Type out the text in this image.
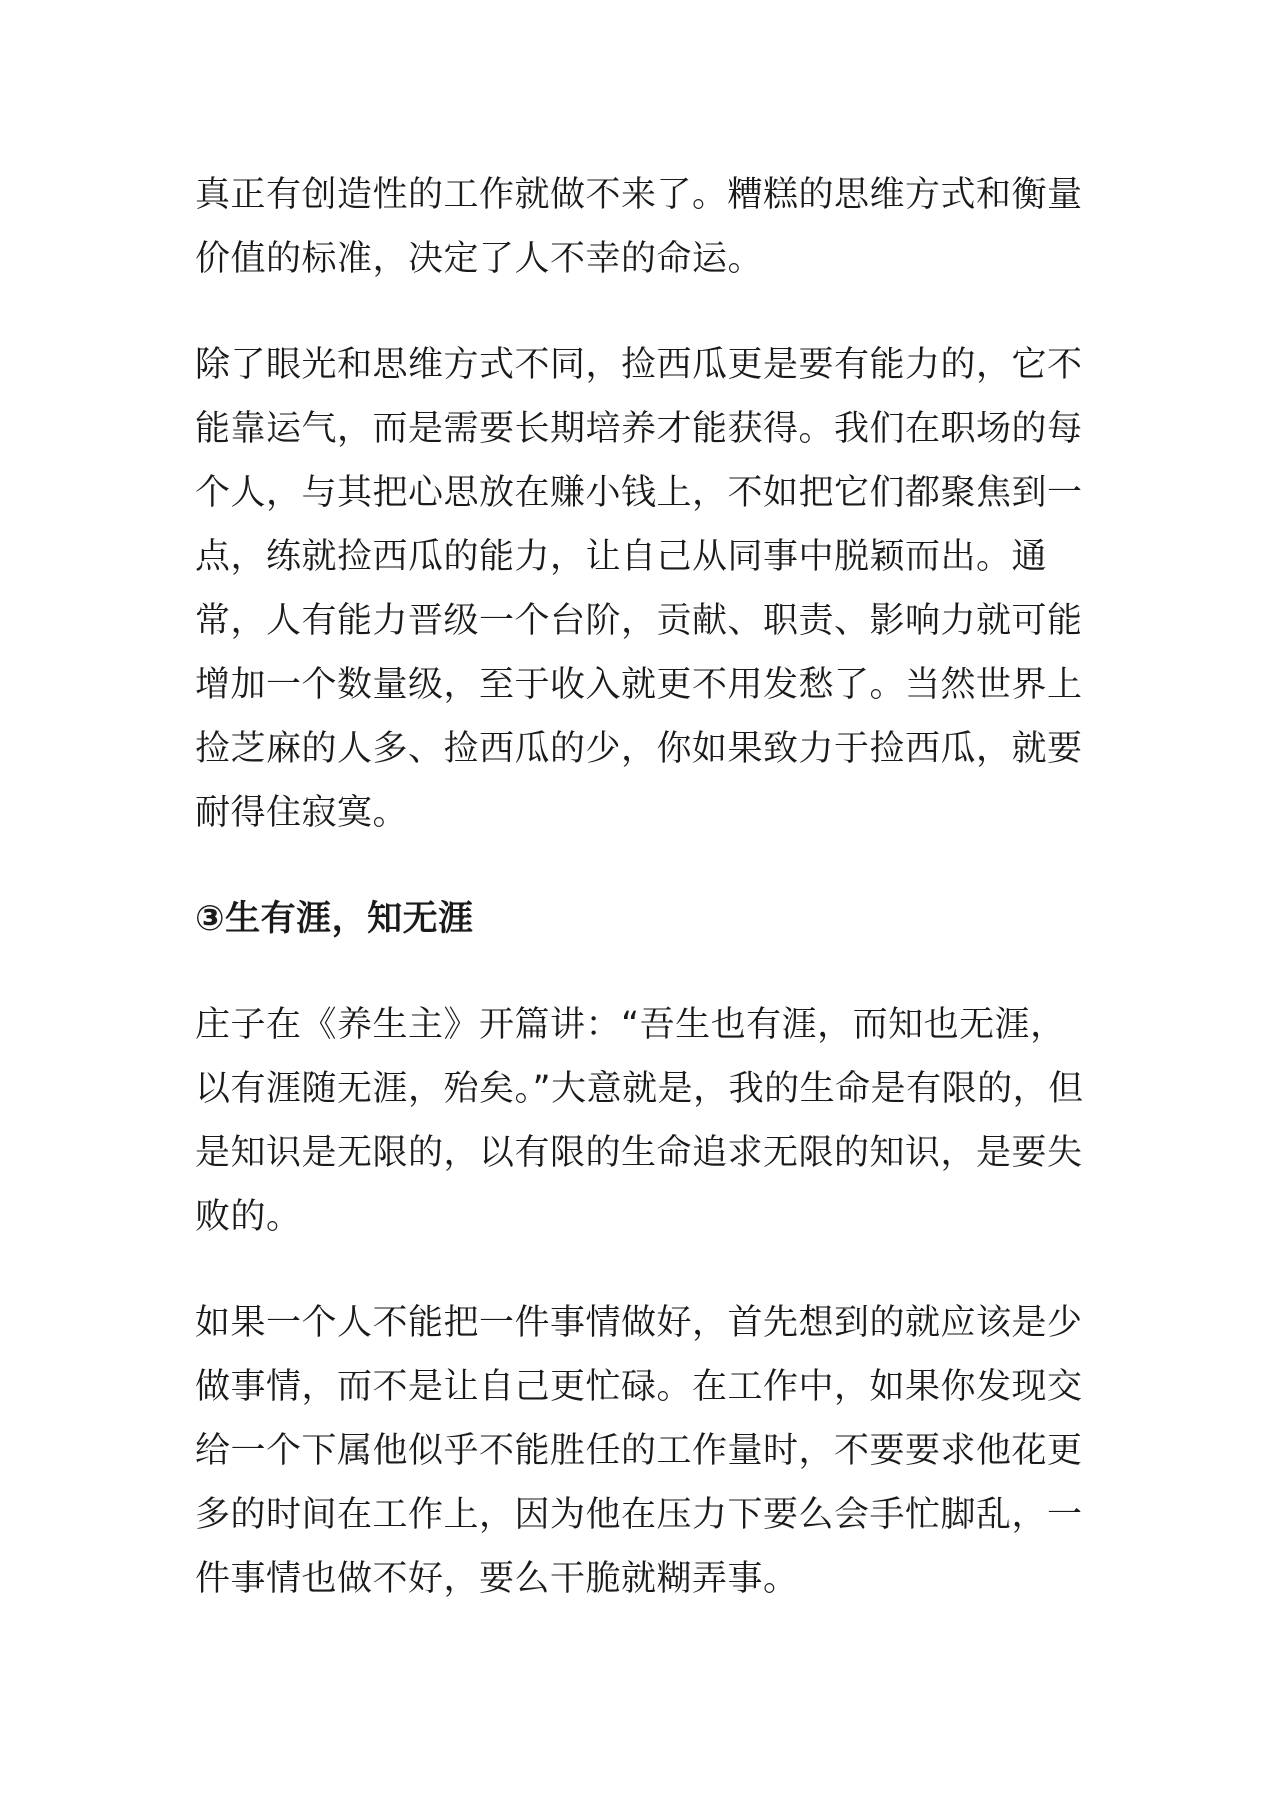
真正有创造性的工作就做不来了。糟糕的思维方式和衡量价值的标准，决定了人不幸的命运。

除了眼光和思维方式不同，捡西瓜更是要有能力的，它不能靠运气，而是需要长期培养才能获得。我们在职场的每个人，与其把心思放在赚小钱上，不如把它们都聚焦到一点，练就捡西瓜的能力，让自己从同事中脱颖而出。通常，人有能力晋级一个台阶，贡献、职责、影响力就可能增加一个数量级，至于收入就更不用发愁了。当然世界上捡芝麻的人多、捡西瓜的少，你如果致力于捡西瓜，就要耐得住寂寞。

③生有涯，知无涯

庄子在《养生主》开篇讲：“吾生也有涯，而知也无涯，以有涯随无涯，殆矣。”大意就是，我的生命是有限的，但是知识是无限的，以有限的生命追求无限的知识，是要失败的。

如果一个人不能把一件事情做好，首先想到的就应该是少做事情，而不是让自己更忙碌。在工作中，如果你发现交给一个下属他似乎不能胜任的工作量时，不要要求他花更多的时间在工作上，因为他在压力下要么会手忙脚乱，一件事情也做不好，要么干脆就糊弄事。
